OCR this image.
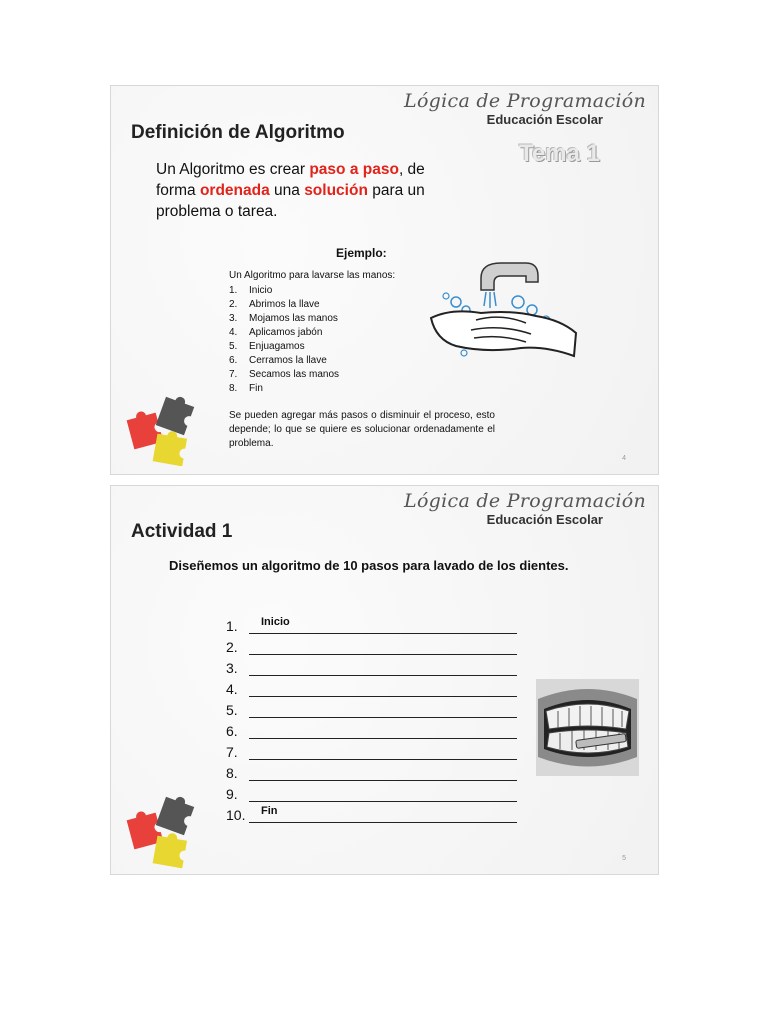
Lógica de Programación
Educación Escolar
Tema 1
Definición de Algoritmo
Un Algoritmo es crear paso a paso, de forma ordenada una solución para un problema o tarea.
Ejemplo:
Un Algoritmo para lavarse las manos:
1. Inicio
2. Abrimos la llave
3. Mojamos las manos
4. Aplicamos jabón
5. Enjuagamos
6. Cerramos la llave
7. Secamos las manos
8. Fin
Se pueden agregar más pasos o disminuir el proceso, esto depende; lo que se quiere es solucionar ordenadamente el problema.
4
Lógica de Programación
Educación Escolar
Actividad 1
Diseñemos un algoritmo de 10 pasos para lavado de los dientes.
1.	Inicio
2.
3.
4.
5.
6.
7.
8.
9.
10. Fin
5
